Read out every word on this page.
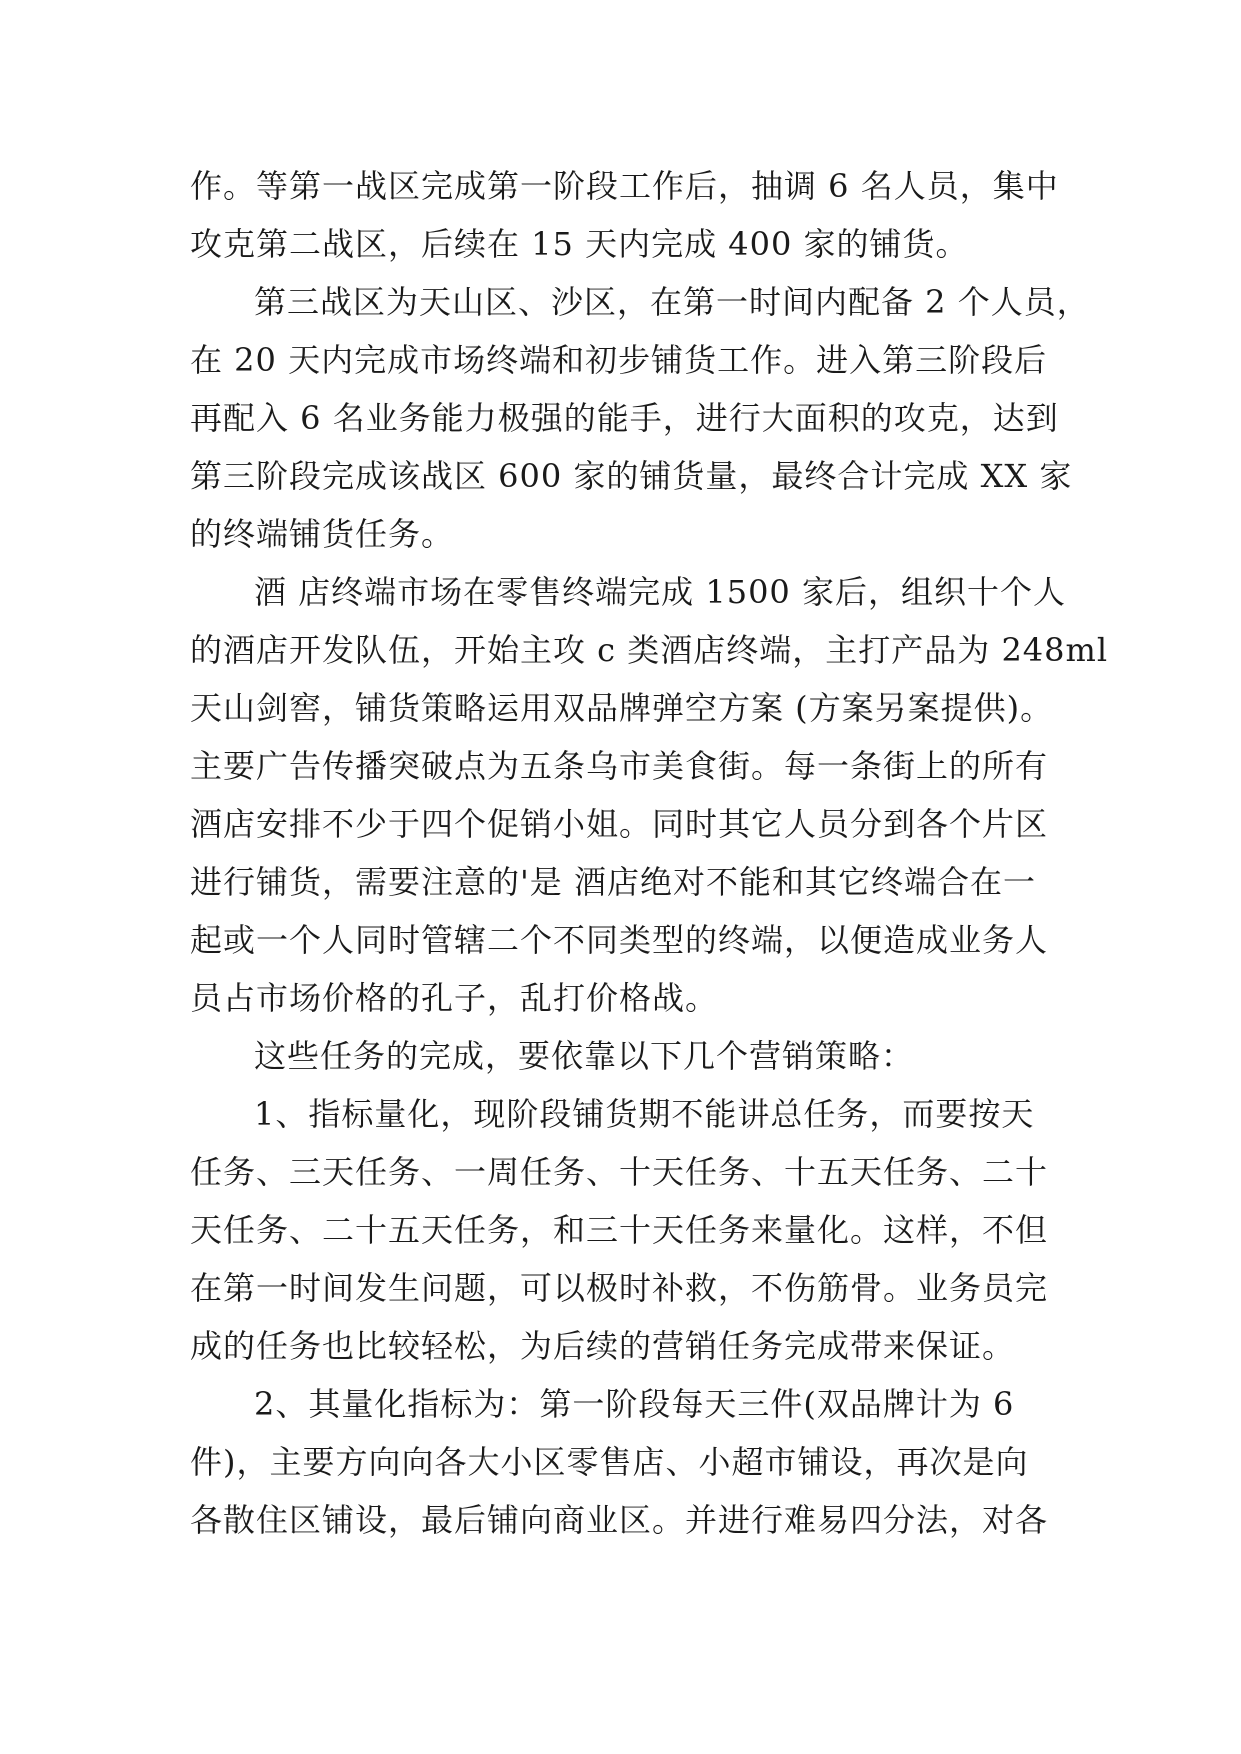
作。等第一战区完成第一阶段工作后，抽调 6 名人员，集中
攻克第二战区，后续在 15 天内完成 400 家的铺货。
第三战区为天山区、沙区，在第一时间内配备 2 个人员，
在 20 天内完成市场终端和初步铺货工作。进入第三阶段后
再配入 6 名业务能力极强的能手，进行大面积的攻克，达到
第三阶段完成该战区 600 家的铺货量，最终合计完成 XX 家
的终端铺货任务。
酒 店终端市场在零售终端完成 1500 家后，组织十个人
的酒店开发队伍，开始主攻 c 类酒店终端，主打产品为 248ml
天山剑窖，铺货策略运用双品牌弹空方案 (方案另案提供)。
主要广告传播突破点为五条乌市美食街。每一条街上的所有
酒店安排不少于四个促销小姐。同时其它人员分到各个片区
进行铺货，需要注意的'是 酒店绝对不能和其它终端合在一
起或一个人同时管辖二个不同类型的终端，以便造成业务人
员占市场价格的孔子，乱打价格战。
这些任务的完成，要依靠以下几个营销策略：
1、指标量化，现阶段铺货期不能讲总任务，而要按天
任务、三天任务、一周任务、十天任务、十五天任务、二十
天任务、二十五天任务，和三十天任务来量化。这样，不但
在第一时间发生问题，可以极时补救，不伤筋骨。业务员完
成的任务也比较轻松，为后续的营销任务完成带来保证。
2、其量化指标为：第一阶段每天三件(双品牌计为 6
件)，主要方向向各大小区零售店、小超市铺设，再次是向
各散住区铺设，最后铺向商业区。并进行难易四分法，对各
